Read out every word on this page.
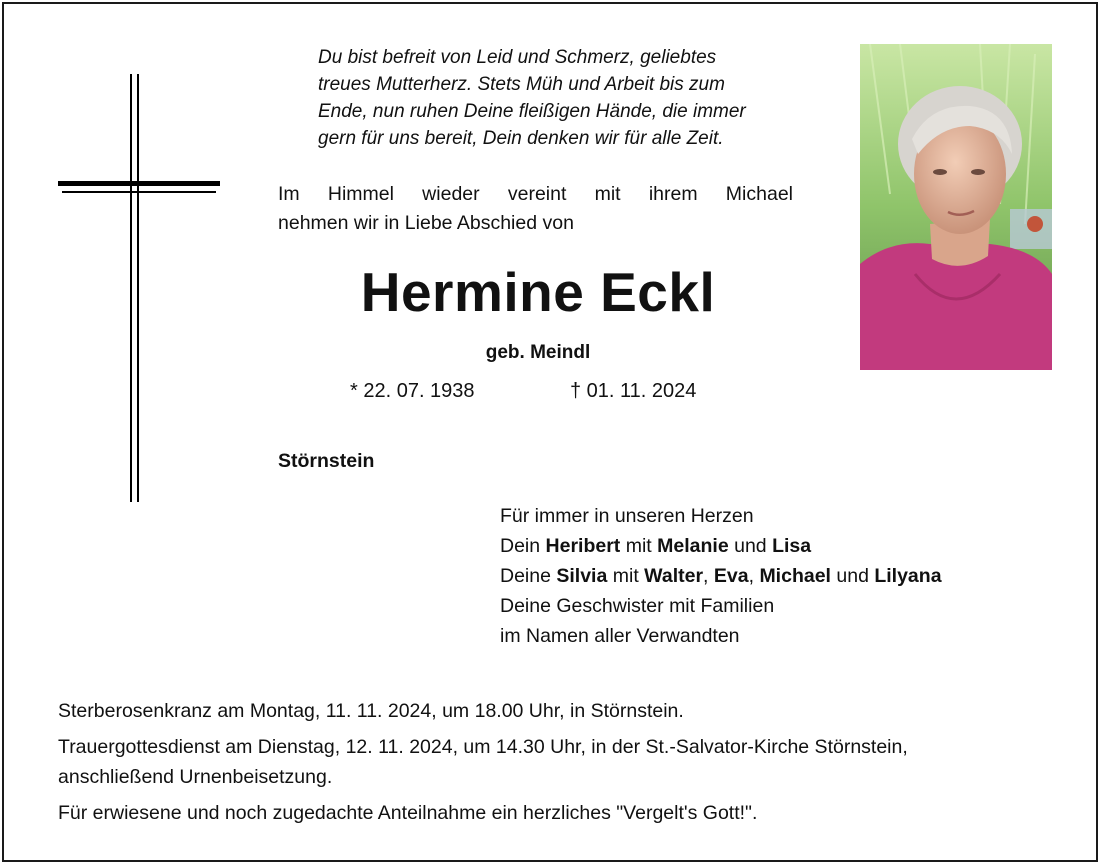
Du bist befreit von Leid und Schmerz, geliebtes
treues Mutterherz. Stets Müh und Arbeit bis zum
Ende, nun ruhen Deine fleißigen Hände, die immer
gern für uns bereit, Dein denken wir für alle Zeit.
Im Himmel wieder vereint mit ihrem Michael
nehmen wir in Liebe Abschied von
Hermine Eckl
geb. Meindl
* 22. 07. 1938	† 01. 11. 2024
Störnstein
Für immer in unseren Herzen
Dein Heribert mit Melanie und Lisa
Deine Silvia mit Walter, Eva, Michael und Lilyana
Deine Geschwister mit Familien
im Namen aller Verwandten

Sterberosenkranz am Montag, 11. 11. 2024, um 18.00 Uhr, in Störnstein.

Trauergottesdienst am Dienstag, 12. 11. 2024, um 14.30 Uhr, in der St.-Salvator-Kirche Störnstein, anschließend Urnenbeisetzung.

Für erwiesene und noch zugedachte Anteilnahme ein herzliches "Vergelt's Gott!".
